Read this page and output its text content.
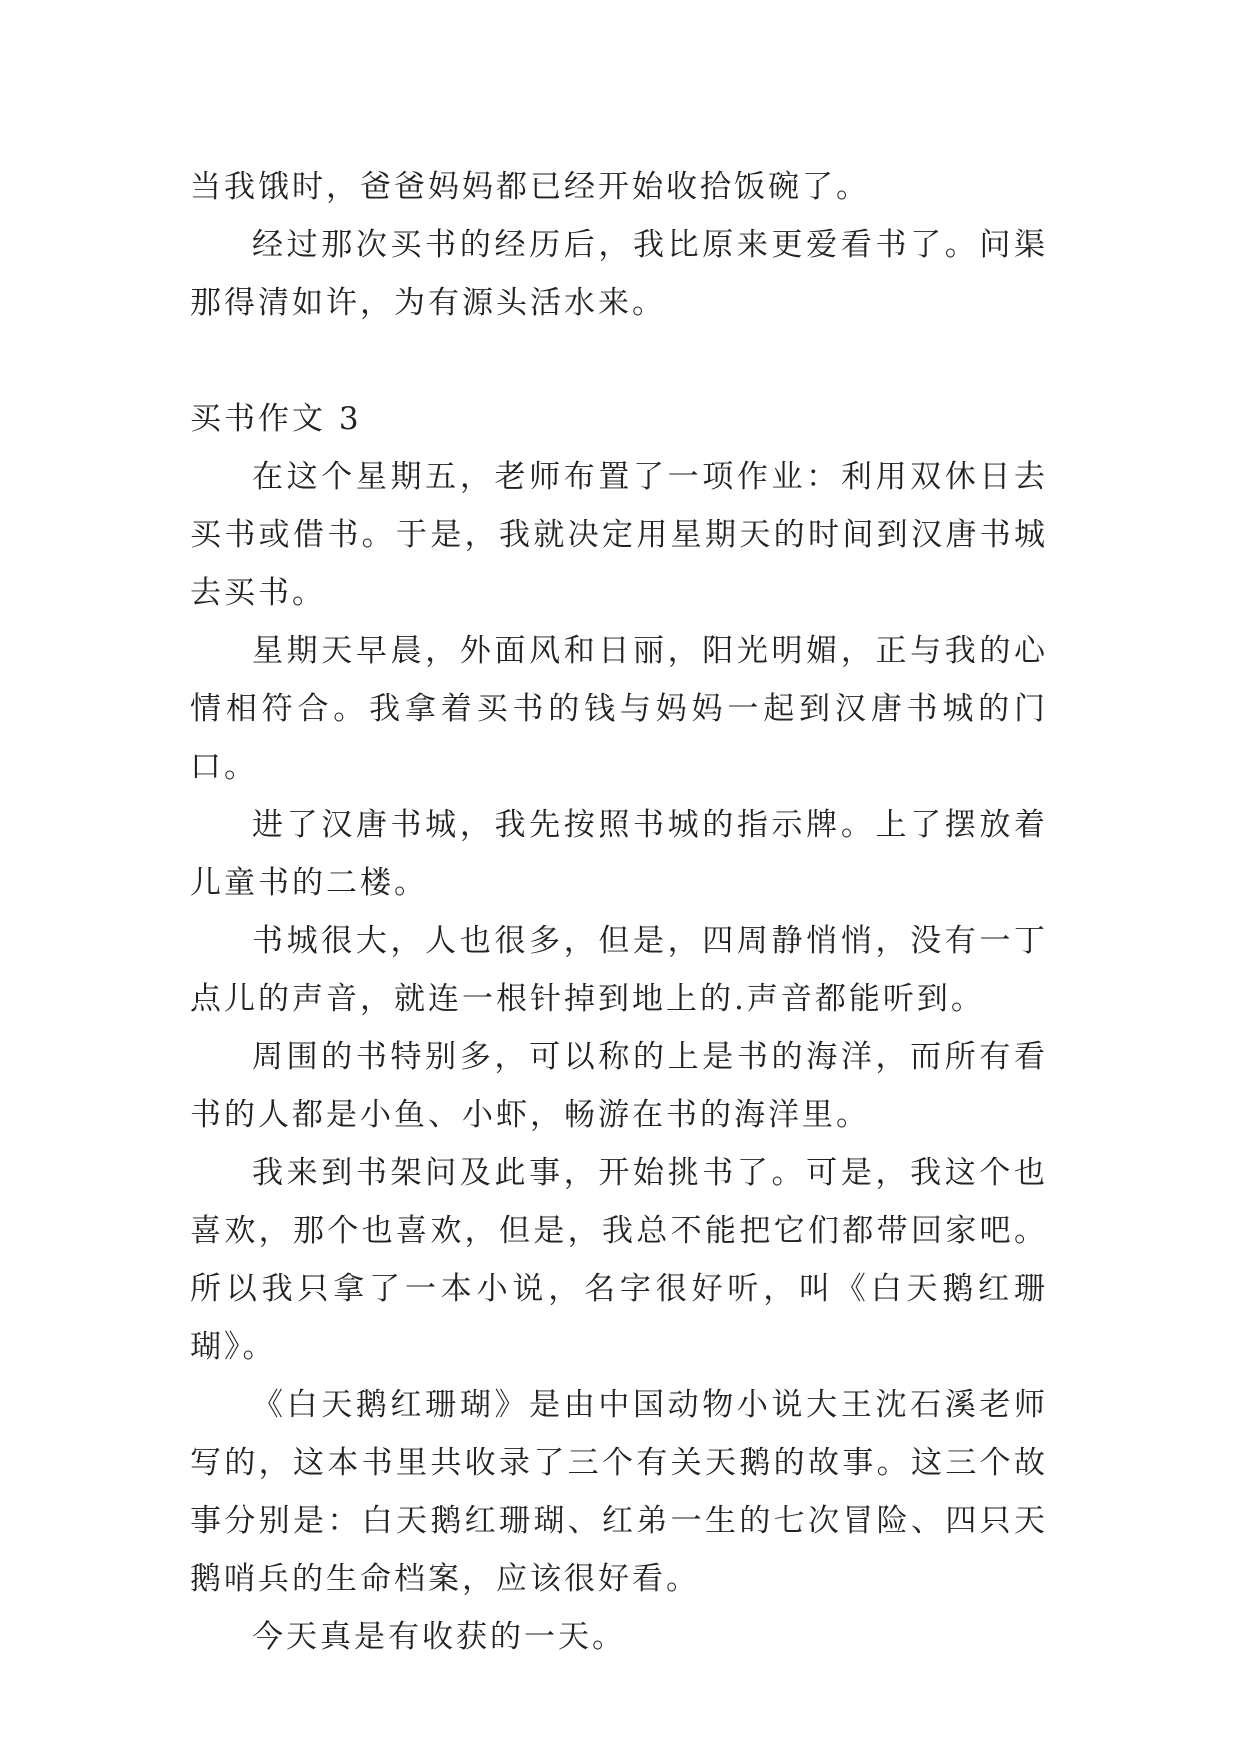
当我饿时，爸爸妈妈都已经开始收拾饭碗了。

经过那次买书的经历后，我比原来更爱看书了。问渠那得清如许，为有源头活水来。

买书作文 3

在这个星期五，老师布置了一项作业：利用双休日去买书或借书。于是，我就决定用星期天的时间到汉唐书城去买书。

星期天早晨，外面风和日丽，阳光明媚，正与我的心情相符合。我拿着买书的钱与妈妈一起到汉唐书城的门口。

进了汉唐书城，我先按照书城的指示牌。上了摆放着儿童书的二楼。

书城很大，人也很多，但是，四周静悄悄，没有一丁点儿的声音，就连一根针掉到地上的.声音都能听到。

周围的书特别多，可以称的上是书的海洋，而所有看书的人都是小鱼、小虾，畅游在书的海洋里。

我来到书架问及此事，开始挑书了。可是，我这个也喜欢，那个也喜欢，但是，我总不能把它们都带回家吧。所以我只拿了一本小说，名字很好听，叫《白天鹅红珊瑚》。

《白天鹅红珊瑚》是由中国动物小说大王沈石溪老师写的，这本书里共收录了三个有关天鹅的故事。这三个故事分别是：白天鹅红珊瑚、红弟一生的七次冒险、四只天鹅哨兵的生命档案，应该很好看。

今天真是有收获的一天。
